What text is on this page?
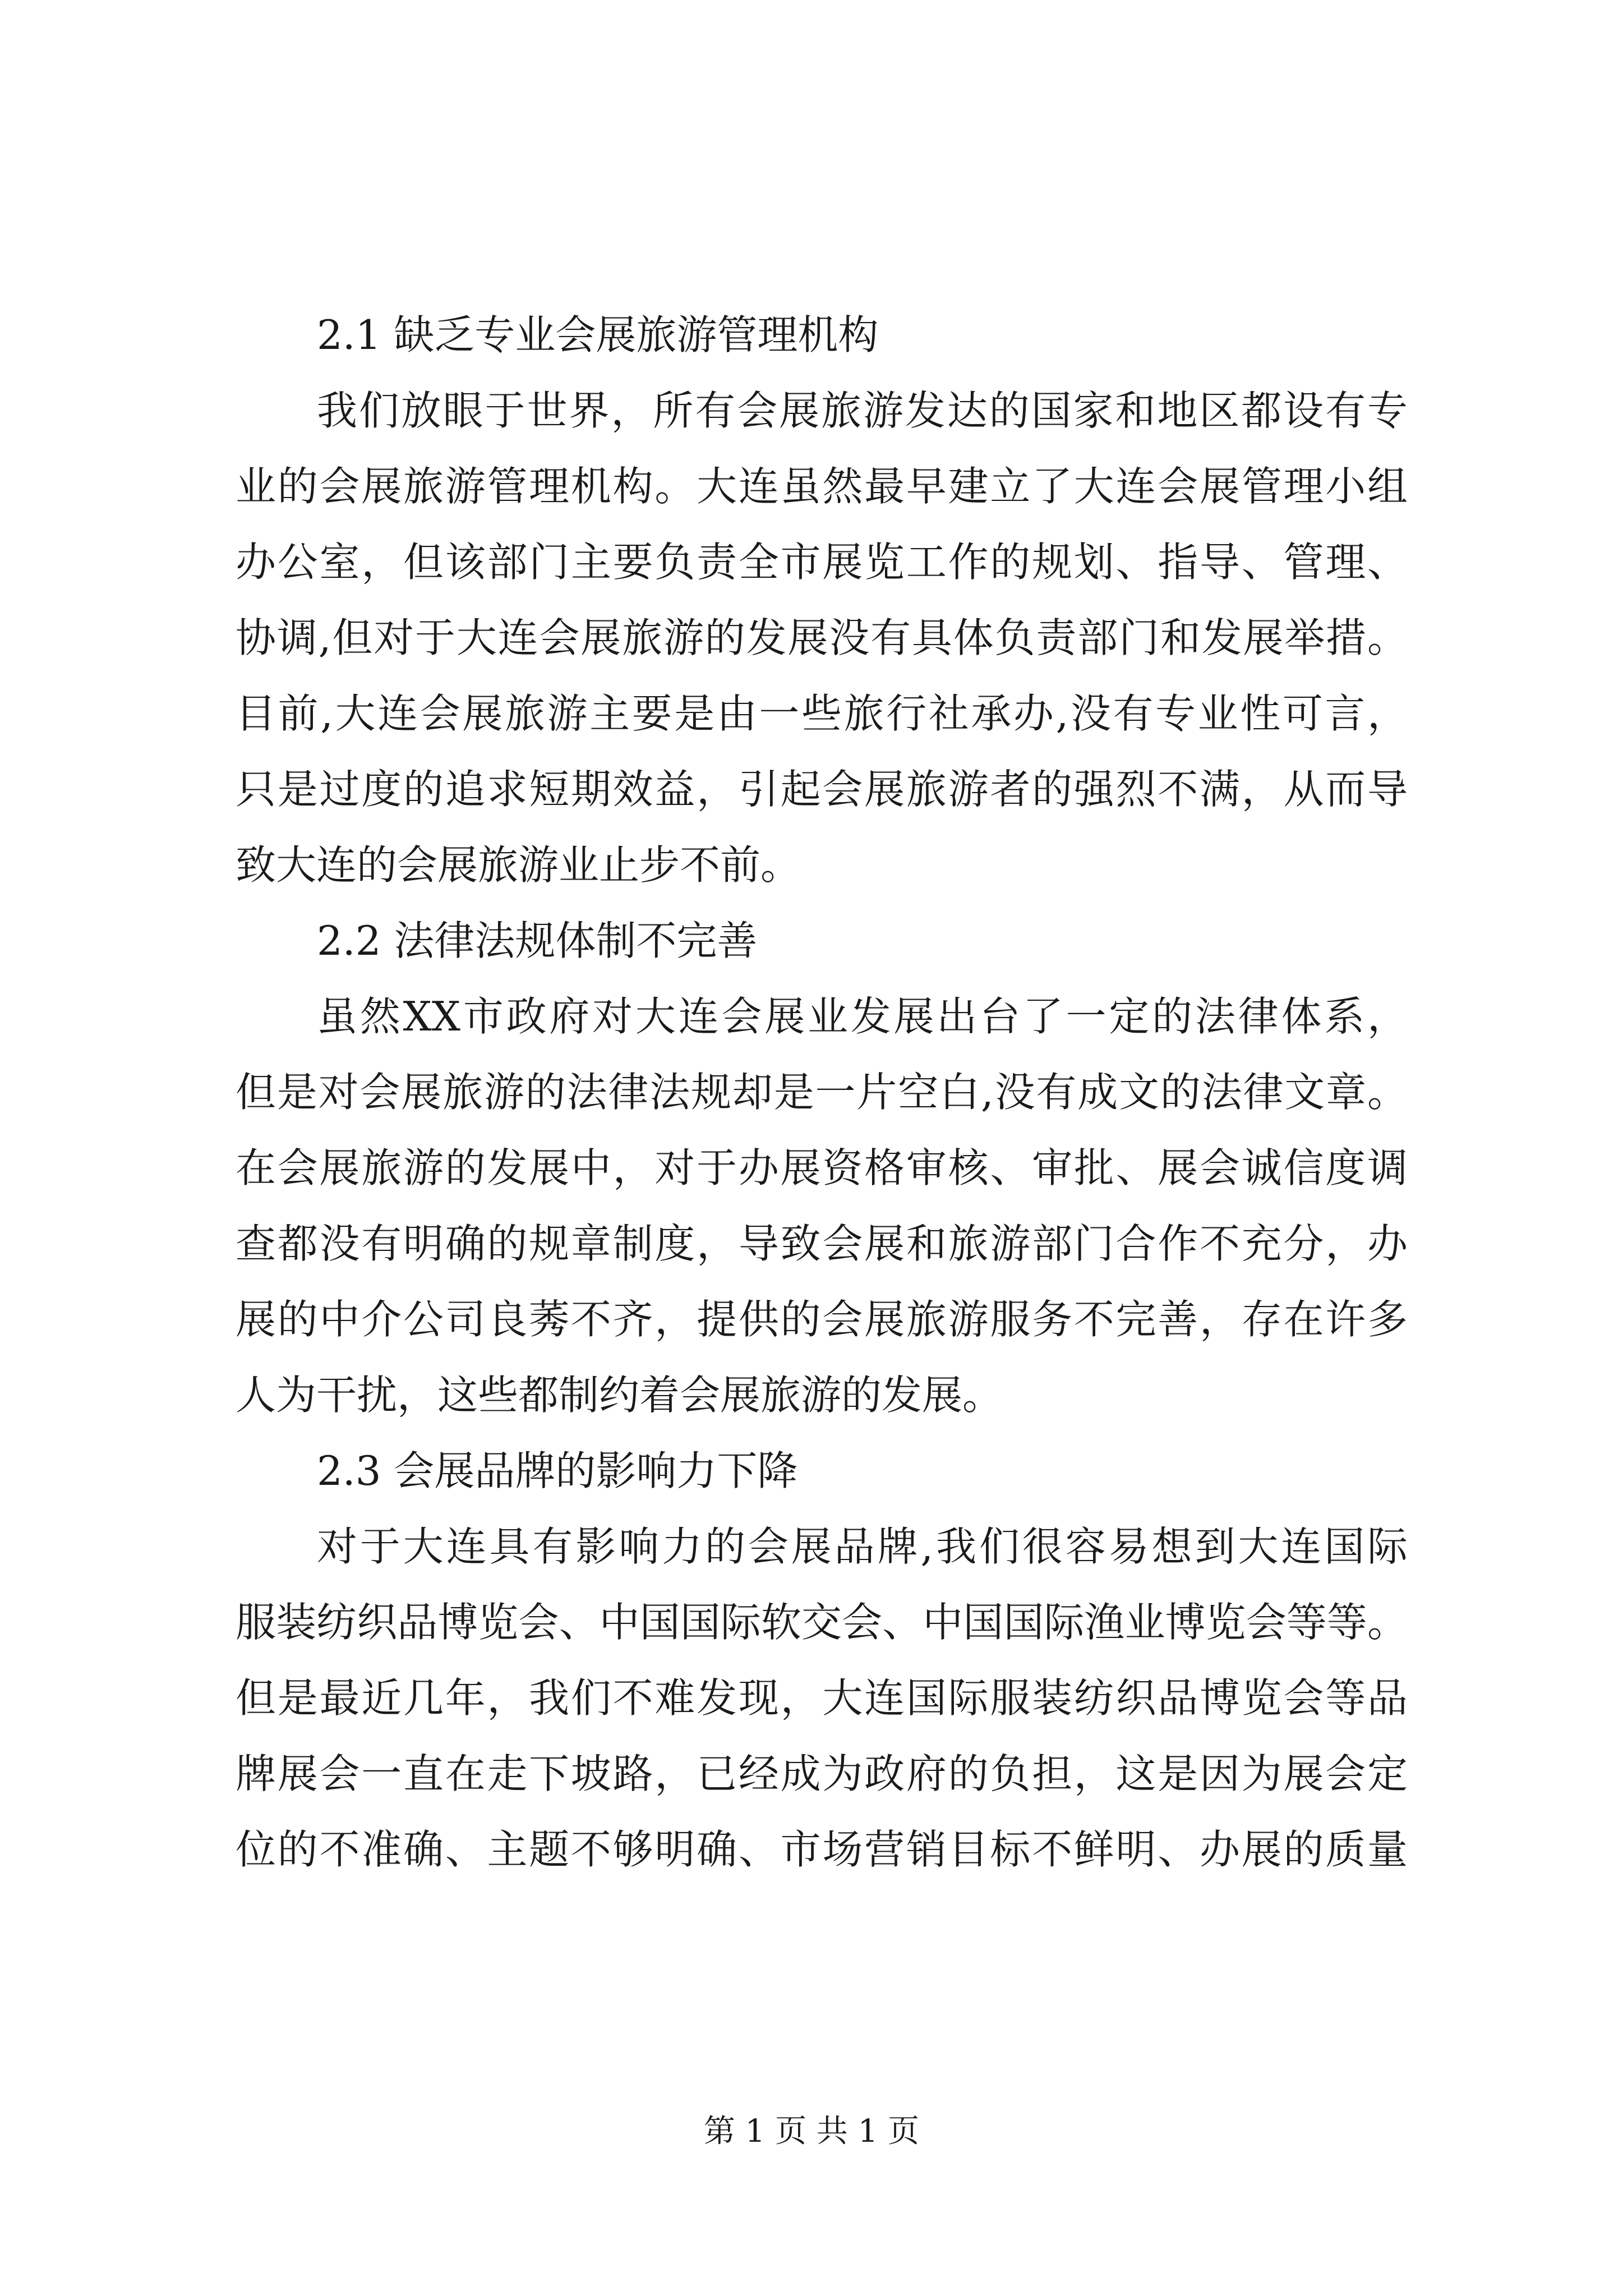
2.1 缺乏专业会展旅游管理机构
我们放眼于世界，所有会展旅游发达的国家和地区都设有专
业的会展旅游管理机构。大连虽然最早建立了大连会展管理小组
办公室，但该部门主要负责全市展览工作的规划、指导、管理、
协调,但对于大连会展旅游的发展没有具体负责部门和发展举措。
目前,大连会展旅游主要是由一些旅行社承办,没有专业性可言，
只是过度的追求短期效益，引起会展旅游者的强烈不满，从而导
致大连的会展旅游业止步不前。
2.2 法律法规体制不完善
虽然XX市政府对大连会展业发展出台了一定的法律体系，
但是对会展旅游的法律法规却是一片空白,没有成文的法律文章。
在会展旅游的发展中，对于办展资格审核、审批、展会诚信度调
查都没有明确的规章制度，导致会展和旅游部门合作不充分，办
展的中介公司良莠不齐，提供的会展旅游服务不完善，存在许多
人为干扰，这些都制约着会展旅游的发展。
2.3 会展品牌的影响力下降
对于大连具有影响力的会展品牌,我们很容易想到大连国际
服装纺织品博览会、中国国际软交会、中国国际渔业博览会等等。
但是最近几年，我们不难发现，大连国际服装纺织品博览会等品
牌展会一直在走下坡路，已经成为政府的负担，这是因为展会定
位的不准确、主题不够明确、市场营销目标不鲜明、办展的质量
第 1 页 共 1 页
